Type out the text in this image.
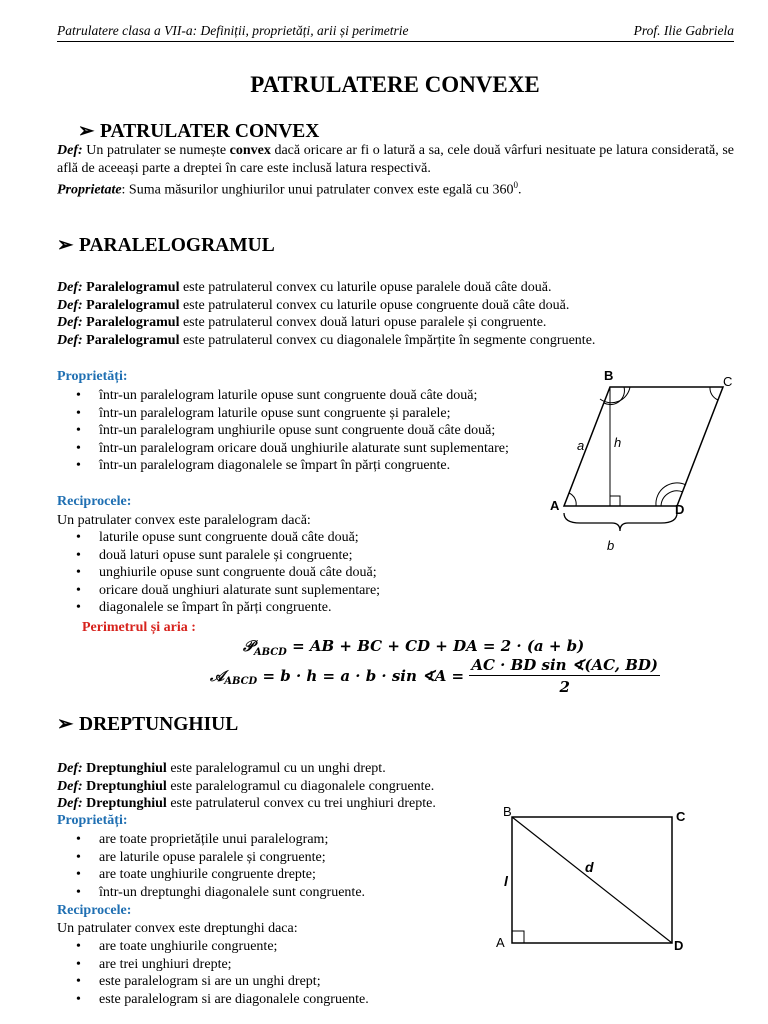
Patrulatere clasa a VII-a: Definiții, proprietăți, arii și perimetrie	Prof. Ilie Gabriela
PATRULATERE CONVEXE
➢ PATRULATER CONVEX
Def: Un patrulater se numește convex dacă oricare ar fi o latură a sa, cele două vârfuri nesituate pe latura considerată, se află de aceeași parte a dreptei în care este inclusă latura respectivă.
Proprietate: Suma măsurilor unghiurilor unui patrulater convex este egală cu $360^0$.
➢ PARALELOGRAMUL
Def: Paralelogramul este patrulaterul convex cu laturile opuse paralele două câte două.
Def: Paralelogramul este patrulaterul convex cu laturile opuse congruente două câte două.
Def: Paralelogramul este patrulaterul convex două laturi opuse paralele și congruente.
Def: Paralelogramul este patrulaterul convex cu diagonalele împărțite în segmente congruente.
Proprietăți:
• într-un paralelogram laturile opuse sunt congruente două câte două;
• într-un paralelogram laturile opuse sunt congruente și paralele;
• într-un paralelogram unghiurile opuse sunt congruente două câte două;
• într-un paralelogram oricare două unghiurile alaturate sunt suplementare;
• într-un paralelogram diagonalele se împart în părți congruente.
Reciprocele:
Un patrulater convex este paralelogram dacă:
• laturile opuse sunt congruente două câte două;
• două laturi opuse sunt paralele și congruente;
• unghiurile opuse sunt congruente două câte două;
• oricare două unghiuri alaturate sunt suplementare;
• diagonalele se împart în părți congruente.
Perimetrul și aria :
𝒫$_{ABCD}$ = AB + BC + CD + DA = 2 · (a + b)
𝒜$_{ABCD}$ = b · h = a · b · sin ∢A = $\frac{\text{AC · BD sin ∢(AC, BD)}}{2}$
B	C
A	D
a h
b
➢ DREPTUNGHIUL
Def: Dreptunghiul este paralelogramul cu un unghi drept.
Def: Dreptunghiul este paralelogramul cu diagonalele congruente.
Def: Dreptunghiul este patrulaterul convex cu trei unghiuri drepte.
Proprietăți:
• are toate proprietățile unui paralelogram;
• are laturile opuse paralele și congruente;
• are toate unghiurile congruente drepte;
• într-un dreptunghi diagonalele sunt congruente.
Reciprocele:
Un patrulater convex este dreptunghi daca:
• are toate unghiurile congruente;
• are trei unghiuri drepte;
• este paralelogram si are un unghi drept;
• este paralelogram si are diagonalele congruente.
B	C
A	D
l
d
